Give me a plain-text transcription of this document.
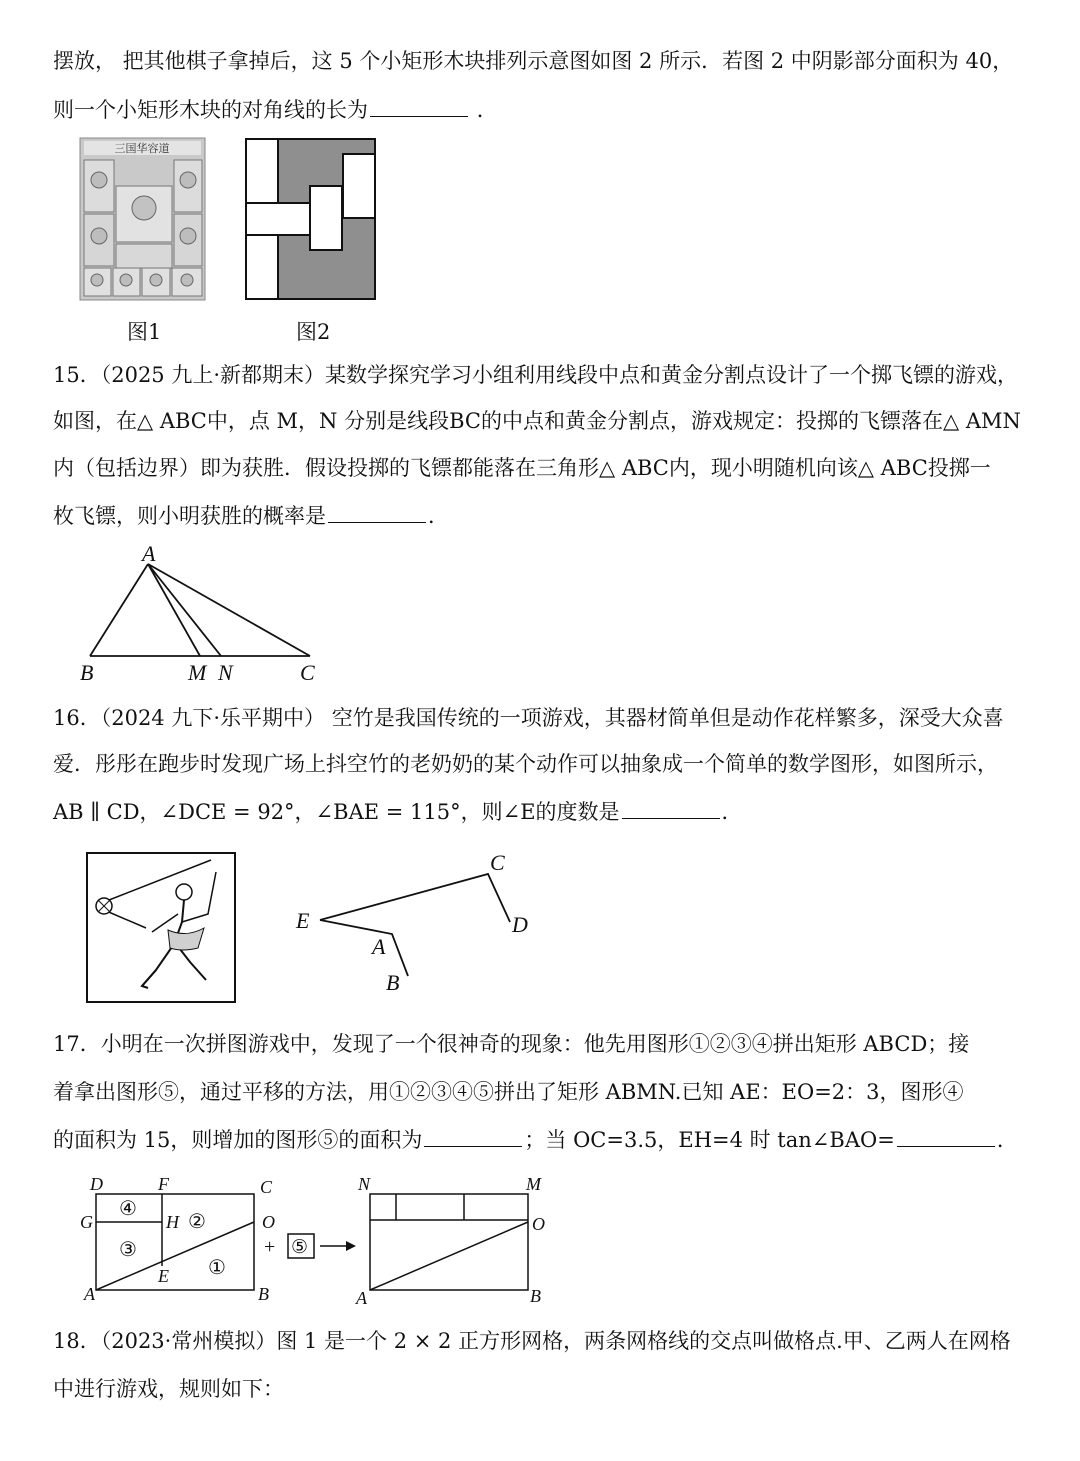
摆放， 把其他棋子拿掉后，这 5 个小矩形木块排列示意图如图 2 所示．若图 2 中阴影部分面积为 40，
则一个小矩形木块的对角线的长为	．
三国华容道
图1	图2
15．（2025 九上·新都期末）某数学探究学习小组利用线段中点和黄金分割点设计了一个掷飞镖的游戏，
如图，在△ ABC中，点 M，N 分别是线段BC的中点和黄金分割点，游戏规定：投掷的飞镖落在△ AMN
内（包括边界）即为获胜．假设投掷的飞镖都能落在三角形△ ABC内，现小明随机向该△ ABC投掷一
枚飞镖，则小明获胜的概率是	．
A
B	M N	C
16．（2024 九下·乐平期中） 空竹是我国传统的一项游戏，其器材简单但是动作花样繁多，深受大众喜
爱．彤彤在跑步时发现广场上抖空竹的老奶奶的某个动作可以抽象成一个简单的数学图形，如图所示，
AB ∥ CD，∠DCE = 92°，∠BAE = 115°，则∠E的度数是	．
C
D
E
A
B
17．小明在一次拼图游戏中，发现了一个很神奇的现象：他先用图形①②③④拼出矩形 ABCD；接
着拿出图形⑤，通过平移的方法，用①②③④⑤拼出了矩形 ABMN.已知 AE：EO=2：3，图形④
的面积为 15，则增加的图形⑤的面积为	；当 OC=3.5，EH=4 时 tan∠BAO=	．
D	F	C
G	H	O
A
E
B
④
②
③
①
+ ⑤
N	M
O
A	B
18．（2023·常州模拟）图 1 是一个 2 × 2 正方形网格，两条网格线的交点叫做格点.甲、乙两人在网格
中进行游戏，规则如下：
